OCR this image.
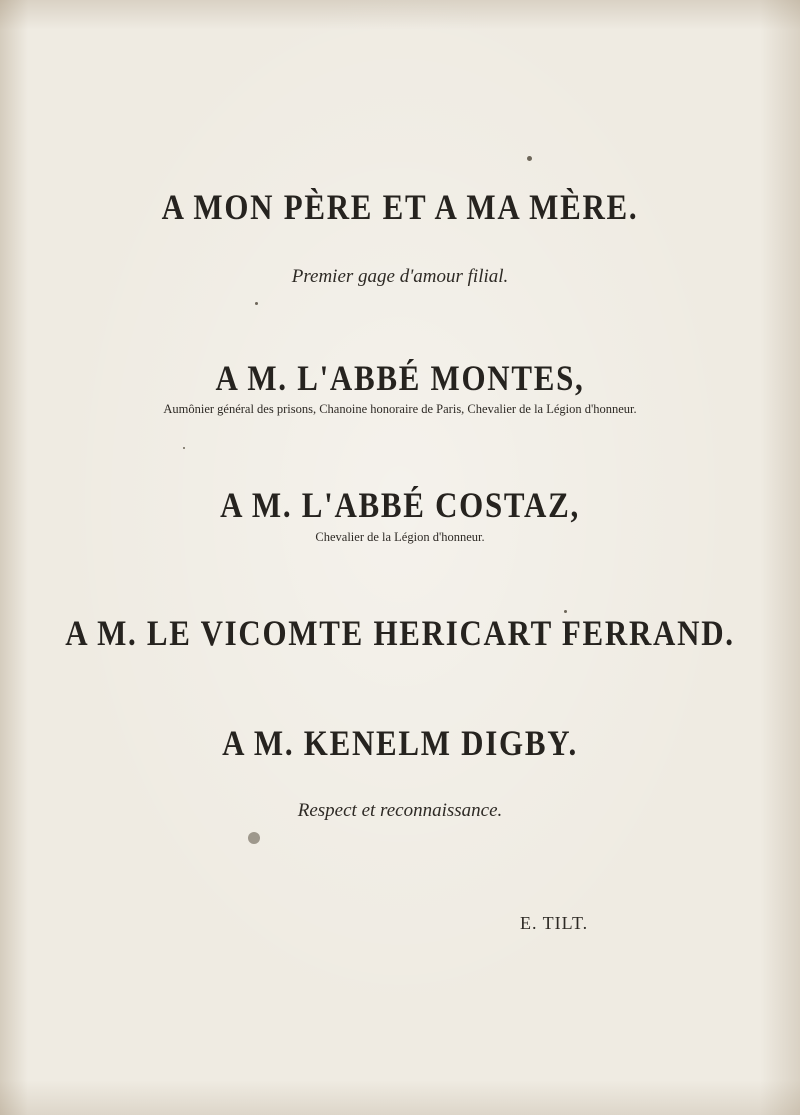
A MON PÈRE ET A MA MÈRE.
Premier gage d'amour filial.
A M. L'ABBÉ MONTES,
Aumônier général des prisons, Chanoine honoraire de Paris, Chevalier de la Légion d'honneur.
A M. L'ABBÉ COSTAZ,
Chevalier de la Légion d'honneur.
A M. LE VICOMTE HERICART FERRAND.
A M. KENELM DIGBY.
Respect et reconnaissance.
E. TILT.
